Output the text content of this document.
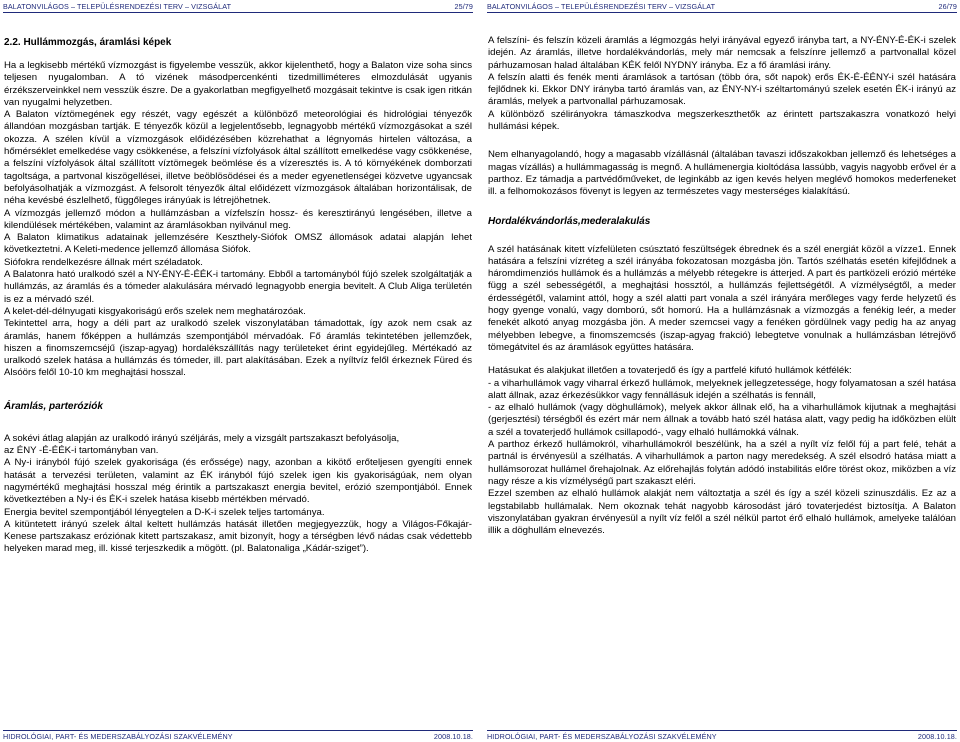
BALATONVILÁGOS – TELEPÜLÉSRENDEZÉSI TERV – VIZSGÁLAT	25/79
2.2. Hullámmozgás, áramlási képek

Ha a legkisebb mértékű vízmozgást is figyelembe vesszük, akkor kijelenthető, hogy a Balaton vize soha sincs teljesen nyugalomban. A tó vizének másodpercenkénti tizedmilliméteres elmozdulását ugyanis érzékszerveinkkel nem vesszük észre. De a gyakorlatban megfigyelhető mozgásait tekintve is csak igen ritkán van nyugalmi helyzetben.

A Balaton víztömegének egy részét, vagy egészét a különböző meteorológiai és hidrológiai tényezők állandóan mozgásban tartják. E tényezők közül a legjelentősebb, legnagyobb mértékű vízmozgásokat a szél okozza. A szélen kívül a vízmozgások előidézésében közrehathat a légnyomás hirtelen változása, a hőmérséklet emelkedése vagy csökkenése, a felszíni vízfolyások által szállított emelkedése vagy csökkenése, a felszíni vízfolyások által szállított víztömegek beömlése és a vízeresztés is. A tó környékének domborzati tagoltsága, a partvonal kiszögellései, illetve beöblösödései és a meder egyenetlenségei közvetve ugyancsak befolyásolhatják a vízmozgást. A felsorolt tényezők által előidézett vízmozgások általában horizontálisak, de néha kevésbé észlelhető, függőleges irányúak is létrejöhetnek.

A vízmozgás jellemző módon a hullámzásban a vízfelszín hossz- és keresztirányú lengésében, illetve a kilendülések mértékében, valamint az áramlásokban nyilvánul meg.

A Balaton klimatikus adatainak jellemzésére Keszthely-Siófok OMSZ állomások adatai alapján lehet következtetni. A Keleti-medence jellemző állomása Siófok.

Siófokra rendelkezésre állnak mért széladatok.

A Balatonra ható uralkodó szél a NY-ÉNY-É-ÉÉK-i tartomány. Ebből a tartományból fújó szelek szolgáltatják a hullámzás, az áramlás és a tómeder alakulására mérvadó legnagyobb energia bevitelt. A Club Aliga területén is ez a mérvadó szél.

A kelet-dél-délnyugati kisgyakoriságú erős szelek nem meghatározóak.

Tekintettel arra, hogy a déli part az uralkodó szelek viszonylatában támadottak, így azok nem csak az áramlás, hanem főképpen a hullámzás szempontjából mérvadóak. Fő áramlás tekintetében jellemzőek, hiszen a finomszemcséjű (iszap-agyag) hordalékszállítás nagy területeket érint egyidejűleg. Mértékadó az uralkodó szelek hatása a hullámzás és tómeder, ill. part alakításában. Ezek a nyíltvíz felől érkeznek Füred és Alsóörs felől 10-10 km meghajtási hosszal.

Áramlás, parteróziók

A sokévi átlag alapján az uralkodó irányú széljárás, mely a vizsgált partszakaszt befolyásolja,

az ÉNY -É-ÉÉK-i tartományban van.

A Ny-i irányból fújó szelek gyakorisága (és erőssége) nagy, azonban a kikötő erőteljesen gyengíti ennek hatását a tervezési területen, valamint az ÉK irányból fújó szelek igen kis gyakoriságúak, nem olyan nagymértékű meghajtási hosszal még érintik a partszakaszt energia bevitel, erózió szempontjából. Ennek következtében a Ny-i és ÉK-i szelek hatása kisebb mértékben mérvadó.

Energia bevitel szempontjából lényegtelen a D-K-i szelek teljes tartománya.

A kitüntetett irányú szelek által keltett hullámzás hatását illetően megjegyezzük, hogy a Világos-Főkajár-Kenese partszakasz eróziónak kitett partszakasz, amit bizonyít, hogy a térségben lévő nádas csak védettebb helyeken marad meg, ill. kissé terjeszkedik a mögött. (pl. Balatonaliga „Kádár-sziget”).

HIDROLÓGIAI, PART- ÉS MEDERSZABÁLYOZÁSI SZAKVÉLEMÉNY	2008.10.18.
BALATONVILÁGOS – TELEPÜLÉSRENDEZÉSI TERV – VIZSGÁLAT	26/79

A felszíni- és felszín közeli áramlás a légmozgás helyi irányával egyező irányba tart, a NY-ÉNY-É-ÉK-i szelek idején. Az áramlás, illetve hordalékvándorlás, mely már nemcsak a felszínre jellemző a partvonallal közel párhuzamosan halad általában KÉK felől NYDNY irányba. Ez a fő áramlási irány.

A felszín alatti és fenék menti áramlások a tartósan (több óra, sőt napok) erős ÉK-É-ÉÉNY-i szél hatására fejlődnek ki. Ekkor DNY irányba tartó áramlás van, az ÉNY-NY-i széltartományú szelek esetén ÉK-i irányú az áramlás, melyek a partvonallal párhuzamosak.

A különböző szélirányokra támaszkodva megszerkeszthetők az érintett partszakaszra vonatkozó helyi hullámási képek.

Nem elhanyagolandó, hogy a magasabb vízállásnál (általában tavaszi időszakokban jellemző és lehetséges a magas vízállás) a hullámmagasság is megnő. A hullámenergia kioltódása lassúbb, vagyis nagyobb erővel ér a parthoz. Ez támadja a partvédőműveket, de leginkább az igen kevés helyen meglévő homokos mederfeneket ill. a felhomokozásos fövenyt is legyen az természetes vagy mesterséges kialakítású.

Hordalékvándorlás,mederalakulás

A szél hatásának kitett vízfelületen csúsztató feszültségek ébrednek és a szél energiát közöl a vízze1. Ennek hatására a felszíni vízréteg a szél irányába fokozatosan mozgásba jön. Tartós szélhatás esetén kifejlődnek a háromdimenziós hullámok és a hullámzás a mélyebb rétegekre is átterjed. A part és partközeli erózió mértéke függ a szél sebességétől, a meghajtási hossztól, a hullámzás fejlettségétől. A vízmélységtől, a meder érdességétől, valamint attól, hogy a szél alatti part vonala a szél irányára merőleges vagy ferde helyzetű és hogy gyenge vonalú, vagy domború, sőt homorú. Ha a hullámzásnak a vízmozgás a fenékig leér, a meder fenekét alkotó anyag mozgásba jön. A meder szemcsei vagy a fenéken gördülnek vagy pedig ha az anyag mélyebben lebegve, a finomszemcsés (iszap-agyag frakció) lebegtetve vonulnak a hullámzásban létrejövő tömegátvitel és az áramlások együttes hatására.

Hatásukat és alakjukat illetően a tovaterjedő és így a partfelé kifutó hullámok kétfélék:

- a viharhullámok vagy viharral érkező hullámok, melyeknek jellegzetessége, hogy folyamatosan a szél hatása alatt állnak, azaz érkezésükkor vagy fennállásuk idején a szélhatás is fennáll,

- az elhaló hullámok (vagy döghullámok), melyek akkor állnak elő, ha a viharhullámok kijutnak a meghajtási (gerjesztési) térségből és ezért már nem állnak a tovább ható szél hatása alatt, vagy pedig ha időközben elült a szél a tovaterjedő hullámok csillapodó-, vagy elhaló hullámokká válnak.

A parthoz érkező hullámokról, viharhullámokról beszélünk, ha a szél a nyílt víz felől fúj a part felé, tehát a partnál is érvényesül a szélhatás. A viharhullámok a parton nagy meredekség. A szél elsodró hatása miatt a hullámsorozat hullámel őrehajolnak. Az előrehajlás folytán adódó instabilitás előre törést okoz, miközben a víz nagy része a kis vízmélységű part szakaszt eléri.

Ezzel szemben az elhaló hullámok alakját nem változtatja a szél és így a szél közeli szinuszdális. Ez az a legstabilabb hullámalak. Nem okoznak tehát nagyobb károsodást járó tovaterjedést biztosítja. A Balaton viszonylatában gyakran érvényesül a nyílt víz felől a szél nélkül partot érő elhaló hullámok, amelyeke találóan illik a döghullám elnevezés.

HIDROLÓGIAI, PART- ÉS MEDERSZABÁLYOZÁSI SZAKVÉLEMÉNY	2008.10.18.
